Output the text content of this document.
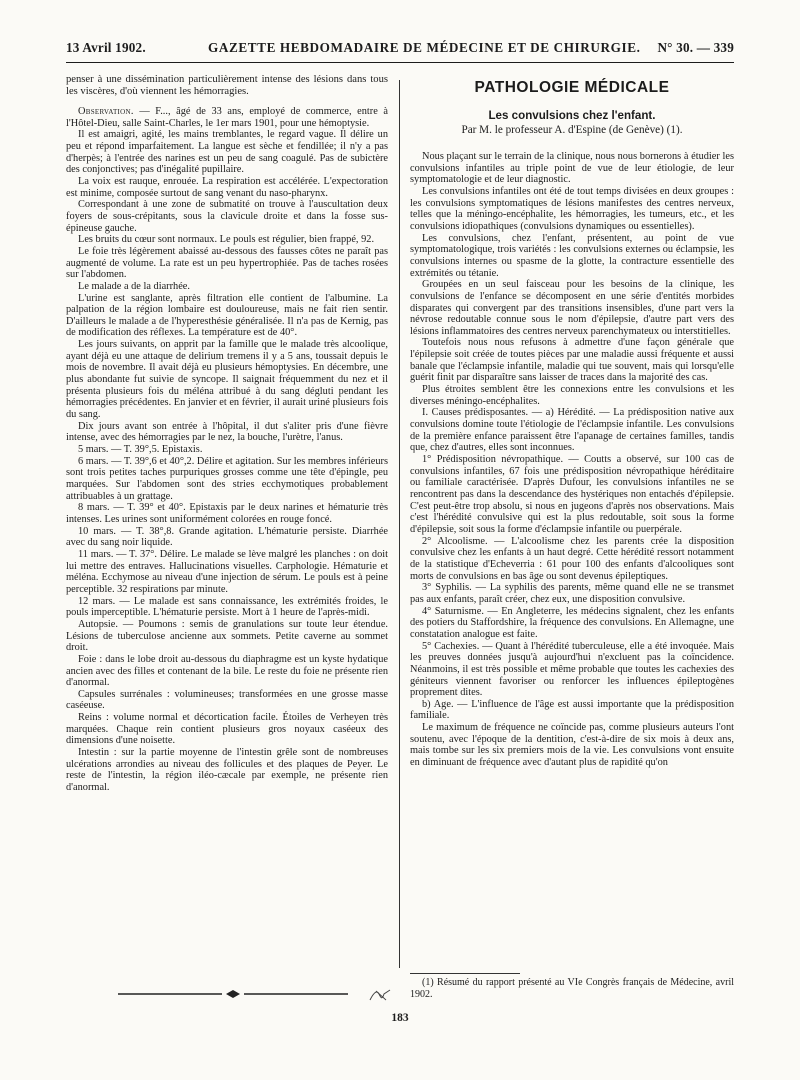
13 Avril 1902.	GAZETTE HEBDOMADAIRE DE MÉDECINE ET DE CHIRURGIE. N° 30. — 339

penser à une dissémination particulièrement intense des lésions dans tous les viscères, d'où viennent les hémorragies.

Observation. — F..., âgé de 33 ans, employé de commerce, entre à l'Hôtel-Dieu, salle Saint-Charles, le 1er mars 1901, pour une hémoptysie.

Il est amaigri, agité, les mains tremblantes, le regard vague. Il délire un peu et répond imparfaitement. La langue est sèche et fendillée; il n'y a pas d'herpès; à l'entrée des narines est un peu de sang coagulé. Pas de subictère des conjonctives; pas d'inégalité pupillaire.

La voix est rauque, enrouée. La respiration est accélérée. L'expectoration est minime, composée surtout de sang venant du naso-pharynx.

Correspondant à une zone de submatité on trouve à l'auscultation deux foyers de sous-crépitants, sous la clavicule droite et dans la fosse sus-épineuse gauche.

Les bruits du cœur sont normaux. Le pouls est régulier, bien frappé, 92.

Le foie très légèrement abaissé au-dessous des fausses côtes ne paraît pas augmenté de volume. La rate est un peu hypertrophiée. Pas de taches rosées sur l'abdomen.

Le malade a de la diarrhée.

L'urine est sanglante, après filtration elle contient de l'albumine. La palpation de la région lombaire est douloureuse, mais ne fait rien sentir. D'ailleurs le malade a de l'hyperesthésie généralisée. Il n'a pas de Kernig, pas de modification des réflexes. La température est de 40°.

Les jours suivants, on apprit par la famille que le malade très alcoolique, ayant déjà eu une attaque de delirium tremens il y a 5 ans, toussait depuis le mois de novembre. Il avait déjà eu plusieurs hémoptysies. En décembre, une plus abondante fut suivie de syncope. Il saignait fréquemment du nez et il présenta plusieurs fois du méléna attribué à du sang dégluti pendant les hémorragies précédentes. En janvier et en février, il aurait uriné plusieurs fois du sang.

Dix jours avant son entrée à l'hôpital, il dut s'aliter pris d'une fièvre intense, avec des hémorragies par le nez, la bouche, l'urètre, l'anus.

5 mars. — T. 39°,5. Epistaxis.

6 mars. — T. 39°,6 et 40°,2. Délire et agitation. Sur les membres inférieurs sont trois petites taches purpuriques grosses comme une tête d'épingle, peu marquées. Sur l'abdomen sont des stries ecchymotiques probablement attribuables à un grattage.

8 mars. — T. 39° et 40°. Epistaxis par le deux narines et hématurie très intenses. Les urines sont uniformément colorées en rouge foncé.

10 mars. — T. 38°,8. Grande agitation. L'hématurie persiste. Diarrhée avec du sang noir liquide.

11 mars. — T. 37°. Délire. Le malade se lève malgré les planches : on doit lui mettre des entraves. Hallucinations visuelles. Carphologie. Hématurie et méléna. Ecchymose au niveau d'une injection de sérum. Le pouls est à peine perceptible. 32 respirations par minute.

12 mars. — Le malade est sans connaissance, les extrémités froides, le pouls imperceptible. L'hématurie persiste. Mort à 1 heure de l'après-midi.

Autopsie. — Poumons : semis de granulations sur toute leur étendue. Lésions de tuberculose ancienne aux sommets. Petite caverne au sommet droit.

Foie : dans le lobe droit au-dessous du diaphragme est un kyste hydatique ancien avec des filles et contenant de la bile. Le reste du foie ne présente rien d'anormal.

Capsules surrénales : volumineuses; transformées en une grosse masse caséeuse.

Reins : volume normal et décortication facile. Étoiles de Verheyen très marquées. Chaque rein contient plusieurs gros noyaux caséeux des dimensions d'une noisette.

Intestin : sur la partie moyenne de l'intestin grêle sont de nombreuses ulcérations arrondies au niveau des follicules et des plaques de Peyer. Le reste de l'intestin, la région iléo-cæcale par exemple, ne présente rien d'anormal.

PATHOLOGIE MÉDICALE
Les convulsions chez l'enfant.
Par M. le professeur A. d'Espine (de Genève) (1).

Nous plaçant sur le terrain de la clinique, nous nous bornerons à étudier les convulsions infantiles au triple point de vue de leur étiologie, de leur symptomatologie et de leur diagnostic.

Les convulsions infantiles ont été de tout temps divisées en deux groupes : les convulsions symptomatiques de lésions manifestes des centres nerveux, telles que la méningo-encéphalite, les hémorragies, les tumeurs, etc., et les convulsions idiopathiques (convulsions dynamiques ou essentielles).

Les convulsions, chez l'enfant, présentent, au point de vue symptomatologique, trois variétés : les convulsions externes ou éclampsie, les convulsions internes ou spasme de la glotte, la contracture essentielle des extrémités ou tétanie.

Groupées en un seul faisceau pour les besoins de la clinique, les convulsions de l'enfance se décomposent en une série d'entités morbides disparates qui convergent par des transitions insensibles, d'une part vers la névrose redoutable connue sous le nom d'épilepsie, d'autre part vers des lésions inflammatoires des centres nerveux parenchymateux ou interstitielles.

Toutefois nous nous refusons à admettre d'une façon générale que l'épilepsie soit créée de toutes pièces par une maladie aussi fréquente et aussi banale que l'éclampsie infantile, maladie qui tue souvent, mais qui lorsqu'elle guérit finit par disparaître sans laisser de traces dans la majorité des cas.

Plus étroites semblent être les connexions entre les convulsions et les diverses méningo-encéphalites.

I. Causes prédisposantes. — a) Hérédité. — La prédisposition native aux convulsions domine toute l'étiologie de l'éclampsie infantile. Les convulsions de la première enfance paraissent être l'apanage de certaines familles, tandis que, chez d'autres, elles sont inconnues.

1° Prédisposition névropathique. — Coutts a observé, sur 100 cas de convulsions infantiles, 67 fois une prédisposition névropathique héréditaire ou familiale caractérisée. D'après Dufour, les convulsions infantiles ne se rencontrent pas dans la descendance des hystériques non entachés d'épilepsie. C'est peut-être trop absolu, si nous en jugeons d'après nos observations. Mais c'est l'hérédité convulsive qui est la plus redoutable, soit sous la forme d'épilepsie, soit sous la forme d'éclampsie infantile ou puerpérale.

2° Alcoolisme. — L'alcoolisme chez les parents crée la disposition convulsive chez les enfants à un haut degré. Cette hérédité ressort notamment de la statistique d'Echeverria : 61 pour 100 des enfants d'alcooliques sont morts de convulsions en bas âge ou sont devenus épileptiques.

3° Syphilis. — La syphilis des parents, même quand elle ne se transmet pas aux enfants, paraît créer, chez eux, une disposition convulsive.

4° Saturnisme. — En Angleterre, les médecins signalent, chez les enfants des potiers du Staffordshire, la fréquence des convulsions. En Allemagne, une constatation analogue est faite.

5° Cachexies. — Quant à l'hérédité tuberculeuse, elle a été invoquée. Mais les preuves données jusqu'à aujourd'hui n'excluent pas la coïncidence. Néanmoins, il est très possible et même probable que toutes les cachexies des géniteurs viennent favoriser ou renforcer les influences épileptogènes proprement dites.

b) Age. — L'influence de l'âge est aussi importante que la prédisposition familiale.

Le maximum de fréquence ne coïncide pas, comme plusieurs auteurs l'ont soutenu, avec l'époque de la dentition, c'est-à-dire de six mois à deux ans, mais tombe sur les six premiers mois de la vie. Les convulsions vont ensuite en diminuant de fréquence avec d'autant plus de rapidité qu'on

(1) Résumé du rapport présenté au VIe Congrès français de Médecine, avril 1902.

183
